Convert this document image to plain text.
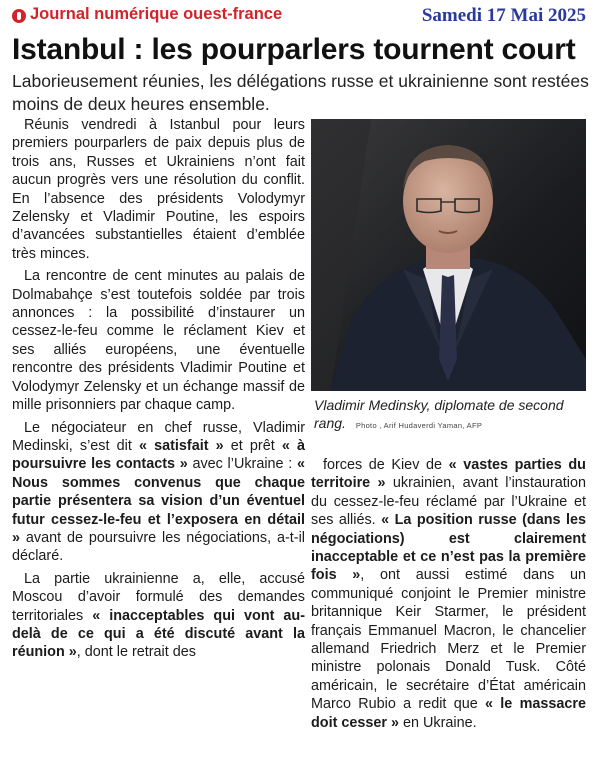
Journal numérique ouest-france	Samedi 17 Mai 2025
Istanbul : les pourparlers tournent court

Laborieusement réunies, les délégations russe et ukrainienne sont restées moins de deux heures ensemble.

Réunis vendredi à Istanbul pour leurs premiers pourparlers de paix depuis plus de trois ans, Russes et Ukrainiens n’ont fait aucun progrès vers une résolution du conflit. En l’absence des présidents Volodymyr Zelensky et Vladimir Poutine, les espoirs d’avancées substantielles étaient d’emblée très minces.

La rencontre de cent minutes au palais de Dolmabahçe s’est toutefois soldée par trois annonces : la possibilité d’instaurer un cessez-le-feu comme le réclament Kiev et ses alliés européens, une éventuelle rencontre des présidents Vladimir Poutine et Volodymyr Zelensky et un échange massif de mille prisonniers par chaque camp.

Le négociateur en chef russe, Vladimir Medinski, s’est dit « satisfait » et prêt « à poursuivre les contacts » avec l’Ukraine : « Nous sommes convenus que chaque partie présentera sa vision d’un éventuel futur cessez-le-feu et l’exposera en détail » avant de poursuivre les négociations, a-t-il déclaré.

La partie ukrainienne a, elle, accusé Moscou d’avoir formulé des demandes territoriales « inacceptables qui vont au-delà de ce qui a été discuté avant la réunion », dont le retrait des

Vladimir Medinsky, diplomate de second rang. Photo , Arif Hudaverdi Yaman, AFP

forces de Kiev de « vastes parties du territoire » ukrainien, avant l’instauration du cessez-le-feu réclamé par l’Ukraine et ses alliés. « La position russe (dans les négociations) est clairement inacceptable et ce n’est pas la première fois », ont aussi estimé dans un communiqué conjoint le Premier ministre britannique Keir Starmer, le président français Emmanuel Macron, le chancelier allemand Friedrich Merz et le Premier ministre polonais Donald Tusk. Côté américain, le secrétaire d’État américain Marco Rubio a redit que « le massacre doit cesser » en Ukraine.
